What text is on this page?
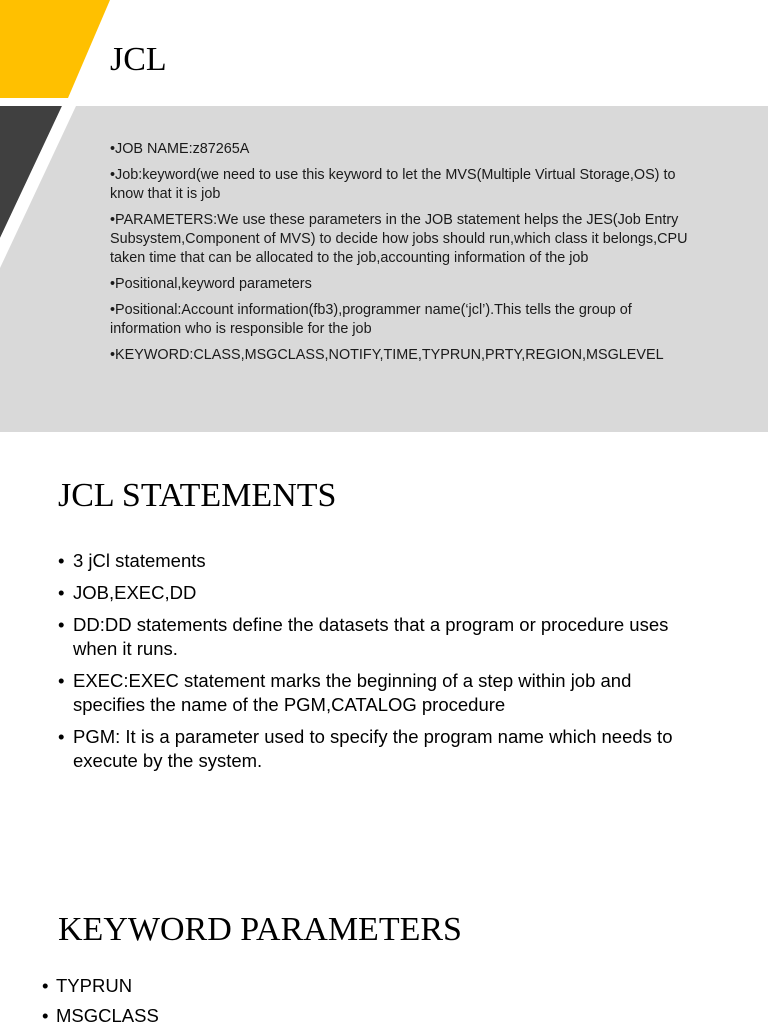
JCL

•JOB NAME:z87265A

•Job:keyword(we need to use this keyword to let the MVS(Multiple Virtual Storage,OS) to know that it is job

•PARAMETERS:We use these parameters in the JOB statement helps the JES(Job Entry Subsystem,Component of MVS) to decide how jobs should run,which class it belongs,CPU taken time that can be allocated to the job,accounting information of the job

•Positional,keyword parameters

•Positional:Account information(fb3),programmer name(‘jcl’).This tells the group of information who is responsible for the job

•KEYWORD:CLASS,MSGCLASS,NOTIFY,TIME,TYPRUN,PRTY,REGION,MSGLEVEL

JCL STATEMENTS
• 3 jCl statements
• JOB,EXEC,DD
• DD:DD statements define the datasets that a program or procedure uses when it runs.
• EXEC:EXEC statement marks the beginning of a step within job and specifies the name of the PGM,CATALOG procedure
• PGM: It is a parameter used to specify the program name which needs to execute by the system.
KEYWORD PARAMETERS
• TYPRUN
• MSGCLASS
